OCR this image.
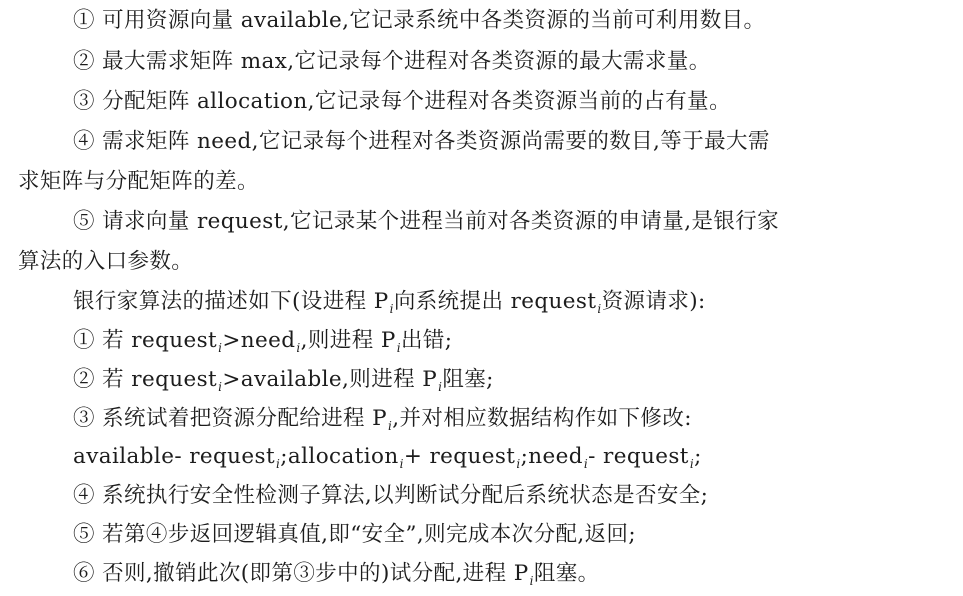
① 可用资源向量 available,它记录系统中各类资源的当前可利用数目。
② 最大需求矩阵 max,它记录每个进程对各类资源的最大需求量。
③ 分配矩阵 allocation,它记录每个进程对各类资源当前的占有量。
④ 需求矩阵 need,它记录每个进程对各类资源尚需要的数目,等于最大需
求矩阵与分配矩阵的差。
⑤ 请求向量 request,它记录某个进程当前对各类资源的申请量,是银行家
算法的入口参数。
银行家算法的描述如下(设进程 $P_i$向系统提出 request$_i$资源请求):
① 若 request$_i$>need$_i$,则进程 $P_i$出错;
② 若 request$_i$>available,则进程 $P_i$阻塞;
③ 系统试着把资源分配给进程 $P_i$,并对相应数据结构作如下修改:
available- request$_i$;allocation$_i$+ request$_i$;need$_i$- request$_i$;
④ 系统执行安全性检测子算法,以判断试分配后系统状态是否安全;
⑤ 若第④步返回逻辑真值,即“安全”,则完成本次分配,返回;
⑥ 否则,撤销此次(即第③步中的)试分配,进程 $P_i$阻塞。
